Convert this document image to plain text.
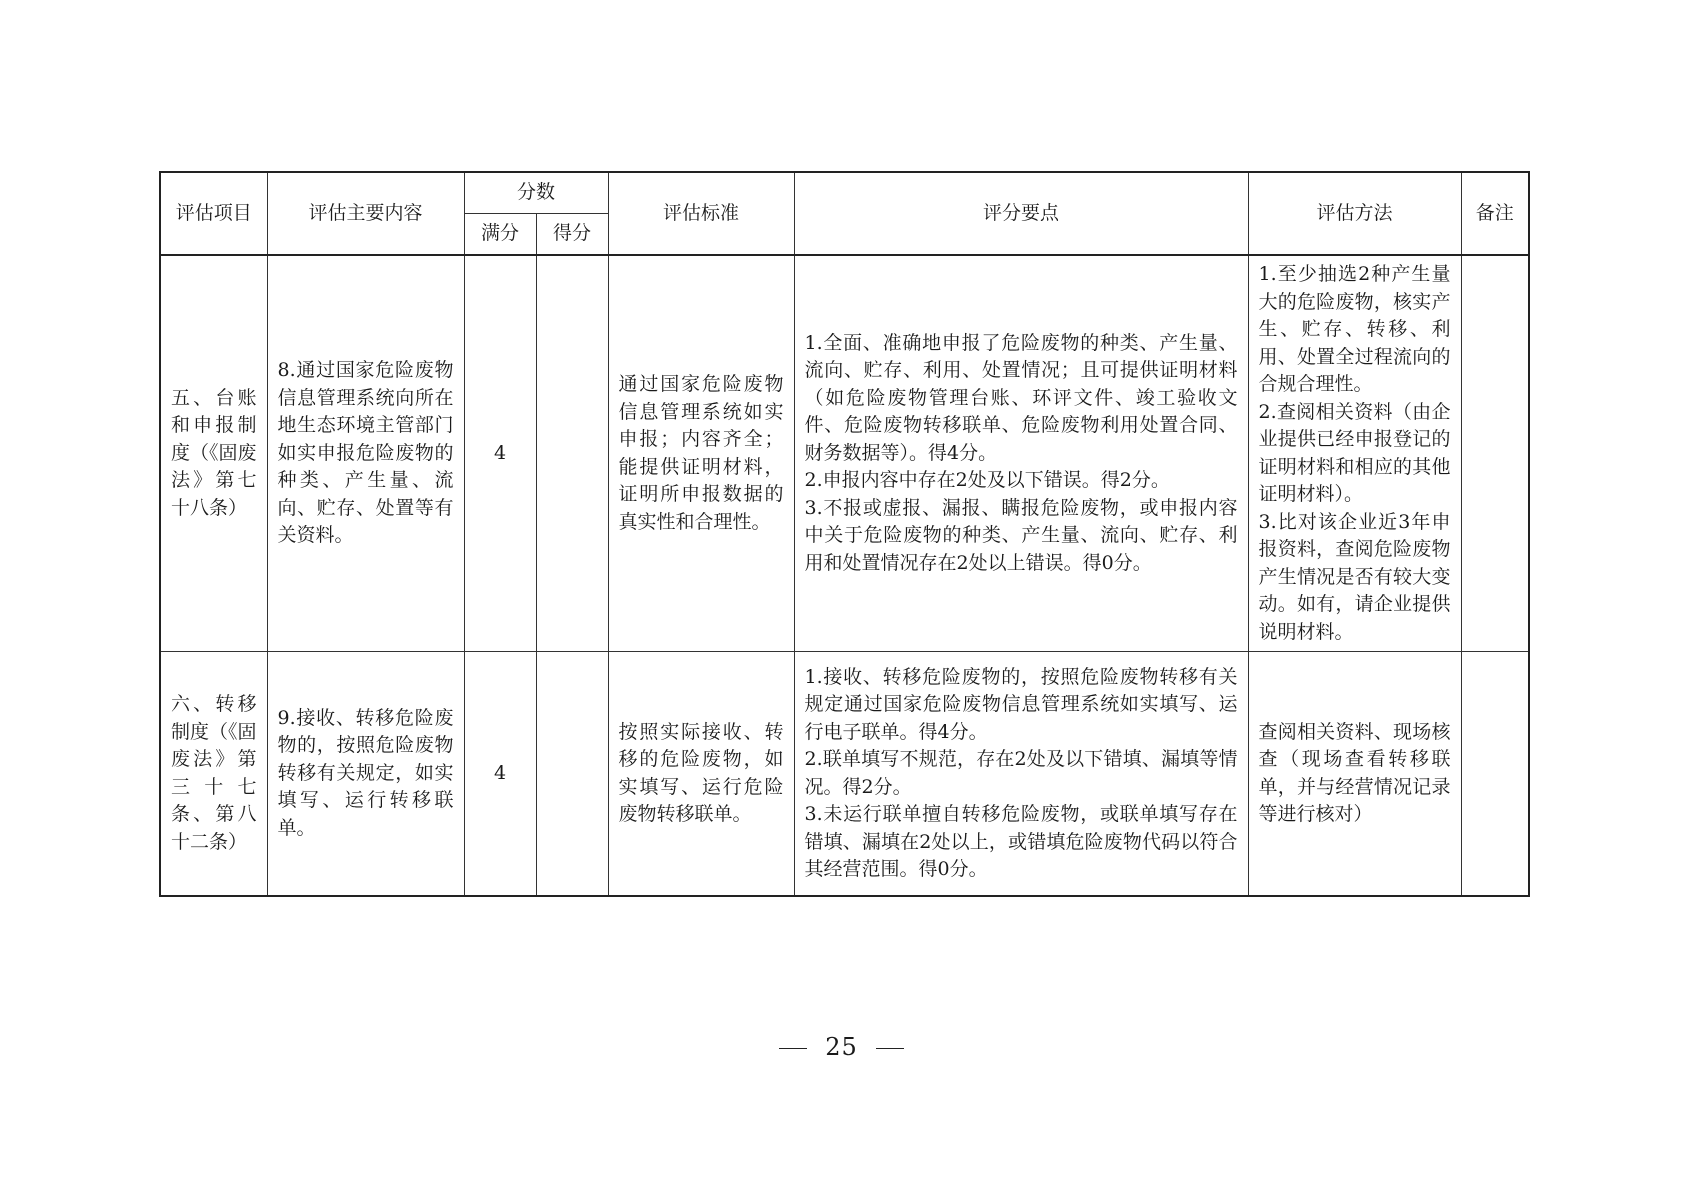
评估项目	评估主要内容	分数		评估标准	评分要点	评估方法	备注
		满分	得分				
五、台账和申报制度（《固废法》第七十八条）	8.通过国家危险废物信息管理系统向所在地生态环境主管部门如实申报危险废物的种类、产生量、流向、贮存、处置等有关资料。	4		通过国家危险废物信息管理系统如实申报；内容齐全；能提供证明材料，证明所申报数据的真实性和合理性。	1.全面、准确地申报了危险废物的种类、产生量、流向、贮存、利用、处置情况；且可提供证明材料（如危险废物管理台账、环评文件、竣工验收文件、危险废物转移联单、危险废物利用处置合同、财务数据等）。得4分。
2.申报内容中存在2处及以下错误。得2分。
3.不报或虚报、漏报、瞒报危险废物，或申报内容中关于危险废物的种类、产生量、流向、贮存、利用和处置情况存在2处以上错误。得0分。	1.至少抽选2种产生量大的危险废物，核实产生、贮存、转移、利用、处置全过程流向的合规合理性。
2.查阅相关资料（由企业提供已经申报登记的证明材料和相应的其他证明材料）。
3.比对该企业近3年申报资料，查阅危险废物产生情况是否有较大变动。如有，请企业提供说明材料。	

六、转移制度（《固废法》第三十七条、第八十二条）	9.接收、转移危险废物的，按照危险废物转移有关规定，如实填写、运行转移联单。	4		按照实际接收、转移的危险废物，如实填写、运行危险废物转移联单。	1.接收、转移危险废物的，按照危险废物转移有关规定通过国家危险废物信息管理系统如实填写、运行电子联单。得4分。
2.联单填写不规范，存在2处及以下错填、漏填等情况。得2分。
3.未运行联单擅自转移危险废物，或联单填写存在错填、漏填在2处以上，或错填危险废物代码以符合其经营范围。得0分。	查阅相关资料、现场核查（现场查看转移联单，并与经营情况记录等进行核对）	

25
